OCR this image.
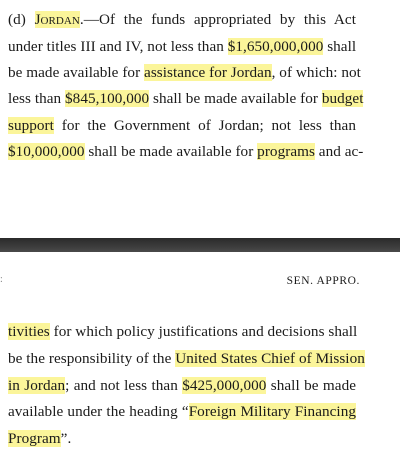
(d) Jordan.—Of the funds appropriated by this Act
under titles III and IV, not less than $1,650,000,000 shall
be made available for assistance for Jordan, of which: not
less than $845,100,000 shall be made available for budget
support for the Government of Jordan; not less than
$10,000,000 shall be made available for programs and ac-
:	SEN. APPRO.
tivities for which policy justifications and decisions shall
be the responsibility of the United States Chief of Mission
in Jordan; and not less than $425,000,000 shall be made
available under the heading “Foreign Military Financing
Program”.
